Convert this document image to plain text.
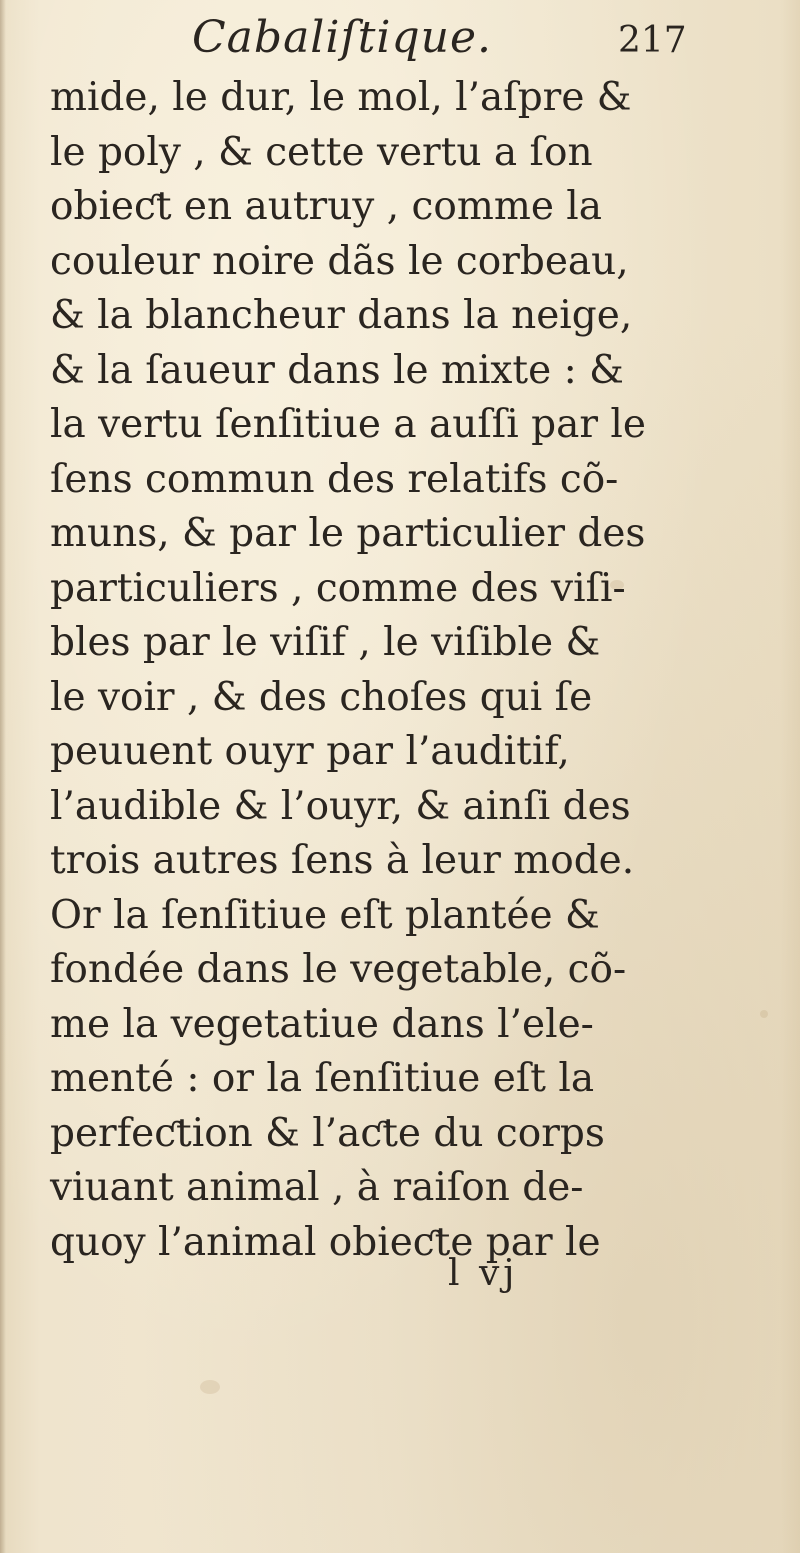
Cabaliſtique.	217
mide, le dur, le mol, l’aſpre &
le poly , & cette vertu a ſon
obieƈt en autruy , comme la
couleur noire dãs le corbeau,
& la blancheur dans la neige,
& la ſaueur dans le mixte : &
la vertu ſenſitiue a auſſi par le
ſens commun des relatifs cõ-
muns, & par le particulier des
particuliers , comme des viſi-
bles par le viſif , le viſible &
le voir , & des choſes qui ſe
peuuent ouyr par l’auditif,
l’audible & l’ouyr, & ainſi des
trois autres ſens à leur mode.
Or la ſenſitiue eſt plantée &
fondée dans le vegetable, cõ-
me la vegetatiue dans l’ele-
menté : or la ſenſitiue eſt la
perfeƈtion & l’aƈte du corps
viuant animal , à raiſon de-
quoy l’animal obieƈte par le
l vj
